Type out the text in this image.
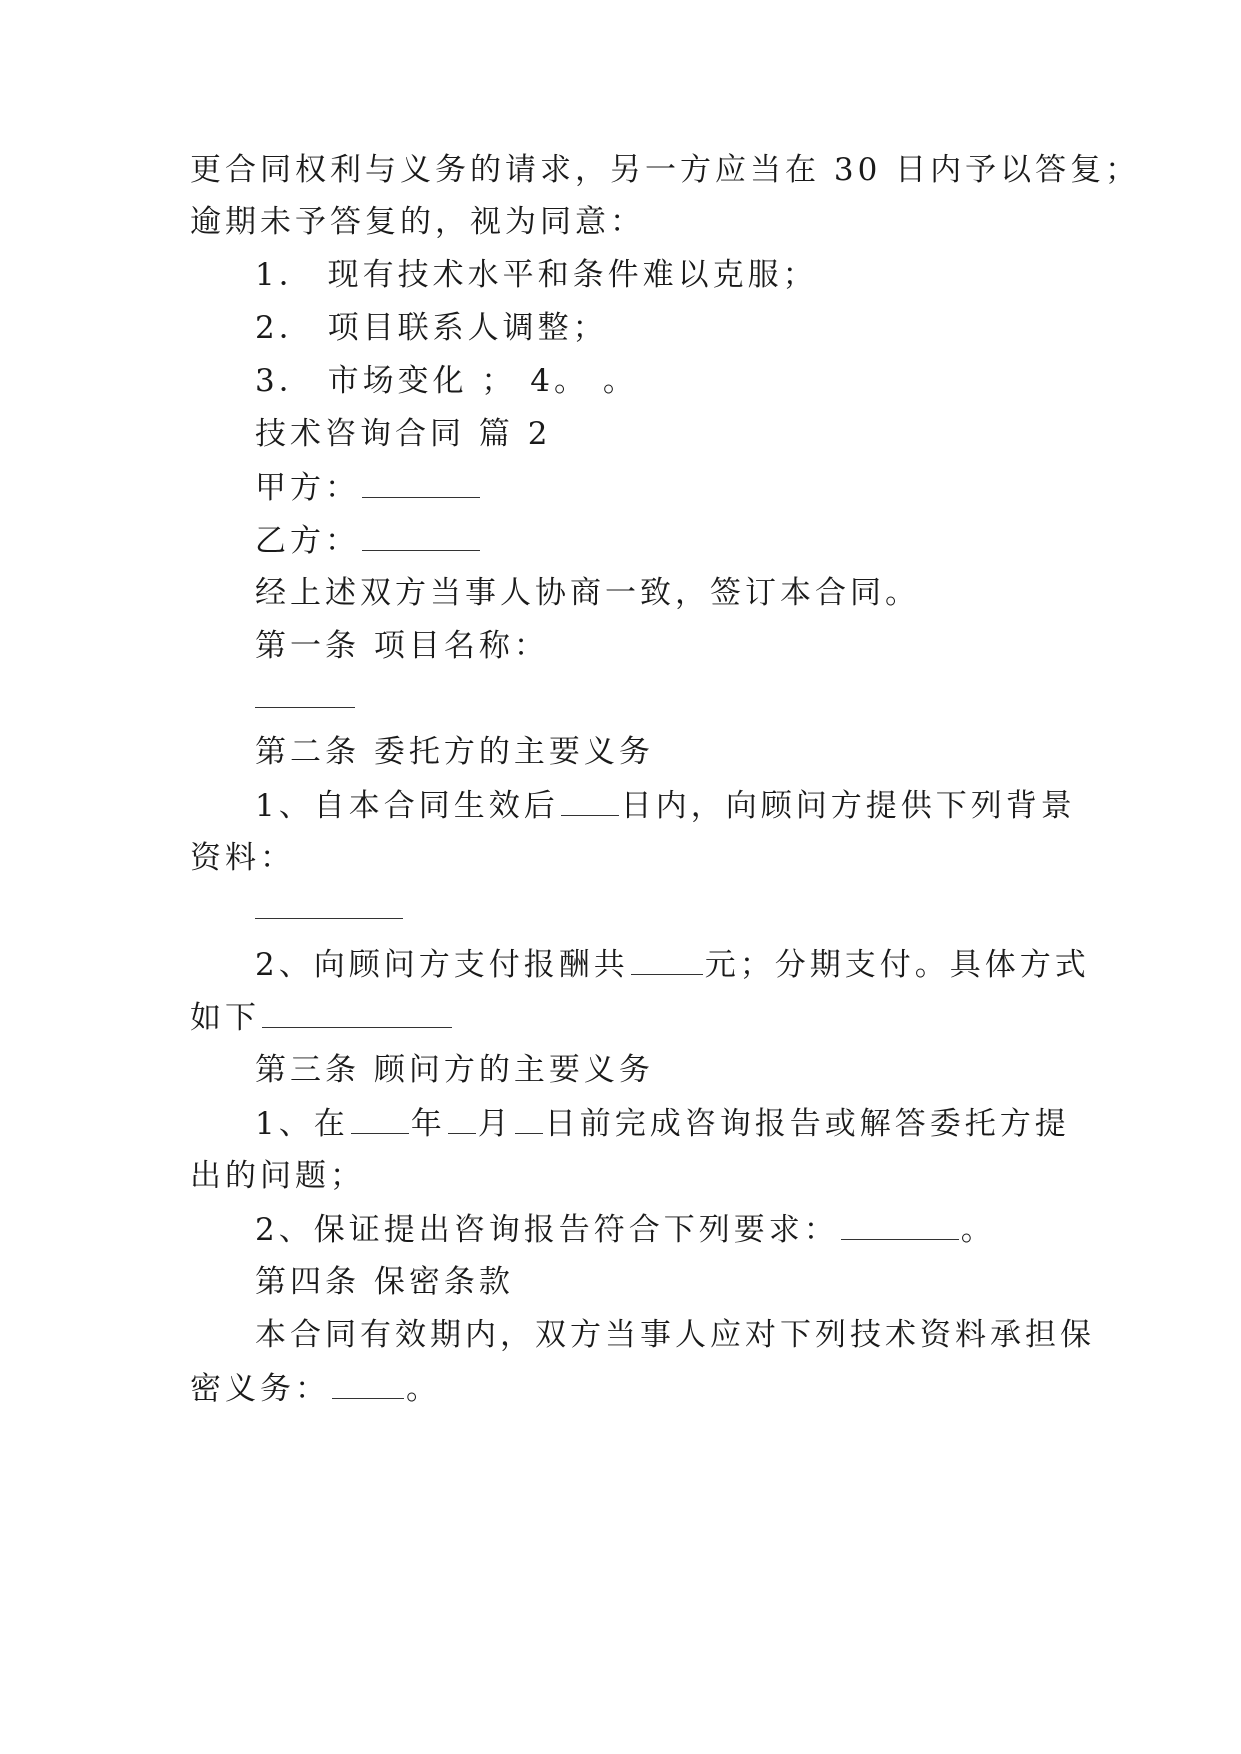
更合同权利与义务的请求，另一方应当在 30 日内予以答复；
逾期未予答复的，视为同意：
1． 现有技术水平和条件难以克服；
2． 项目联系人调整；
3． 市场变化 ； 4。 。
技术咨询合同 篇 2
甲方：
乙方：
经上述双方当事人协商一致，签订本合同。
第一条 项目名称：
第二条 委托方的主要义务
1、自本合同生效后 日内，向顾问方提供下列背景
资料：
2、向顾问方支付报酬共 元；分期支付。具体方式
如下
第三条 顾问方的主要义务
1、在 年 月 日前完成咨询报告或解答委托方提
出的问题；
2、保证提出咨询报告符合下列要求：	。
第四条 保密条款
本合同有效期内，双方当事人应对下列技术资料承担保
密义务： 。
